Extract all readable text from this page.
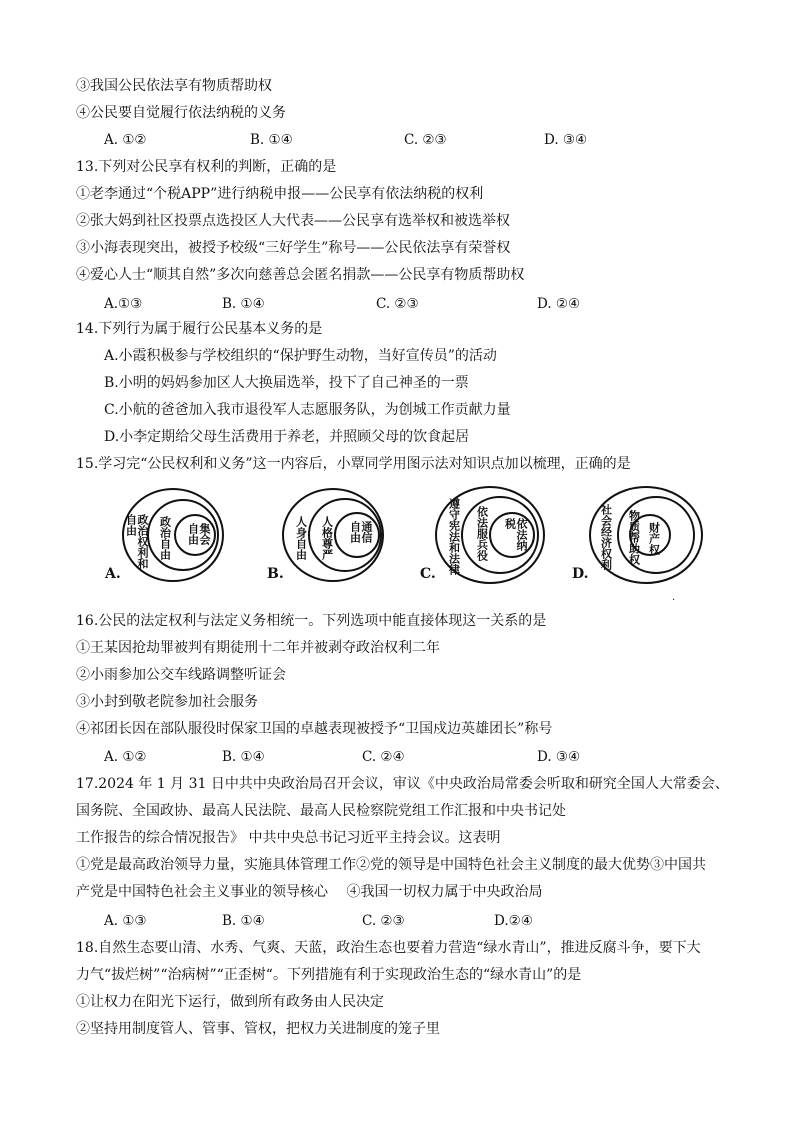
③我国公民依法享有物质帮助权
④公民要自觉履行依法纳税的义务
A. ①②	B. ①④	C. ②③	D. ③④
13.下列对公民享有权利的判断，正确的是
①老李通过“个税APP”进行纳税申报——公民享有依法纳税的权利
②张大妈到社区投票点选投区人大代表——公民享有选举权和被选举权
③小海表现突出，被授予校级“三好学生”称号——公民依法享有荣誉权
④爱心人士“顺其自然”多次向慈善总会匿名捐款——公民享有物质帮助权
A.①③	B. ①④	C. ②③	D. ②④
14.下列行为属于履行公民基本义务的是
A.小霞积极参与学校组织的“保护野生动物，当好宣传员”的活动
B.小明的妈妈参加区人大换届选举，投下了自己神圣的一票
C.小航的爸爸加入我市退役军人志愿服务队，为创城工作贡献力量
D.小李定期给父母生活费用于养老，并照顾父母的饮食起居
15.学习完“公民权利和义务”这一内容后，小覃同学用图示法对知识点加以梳理，正确的是
A.
政治权利和自由	政治自由	集会自由
B.
人身自由 人格尊严	通信自由
C. 遵守宪法和法律 依法服兵役	依法纳税
D.
社会经济权利 物质帮助权 财产权
.
16.公民的法定权利与法定义务相统一。下列选项中能直接体现这一关系的是
①王某因抢劫罪被判有期徒刑十二年并被剥夺政治权利二年
②小雨参加公交车线路调整听证会
③小封到敬老院参加社会服务
④祁团长因在部队服役时保家卫国的卓越表现被授予“卫国戍边英雄团长”称号
A. ①②	B. ①④	C. ②④	D. ③④
17.2024 年 1 月 31 日中共中央政治局召开会议，审议《中央政治局常委会听取和研究全国人大常委会、
国务院、全国政协、最高人民法院、最高人民检察院党组工作汇报和中央书记处
工作报告的综合情况报告》 中共中央总书记习近平主持会议。这表明
①党是最高政治领导力量，实施具体管理工作②党的领导是中国特色社会主义制度的最大优势③中国共
产党是中国特色社会主义事业的领导核心　 ④我国一切权力属于中央政治局
A. ①③	B. ①④	C. ②③	D.②④
18.自然生态要山清、水秀、气爽、天蓝，政治生态也要着力营造“绿水青山”，推进反腐斗争，要下大
力气“拔烂树”“治病树”“正歪树“。下列措施有利于实现政治生态的“绿水青山”的是
①让权力在阳光下运行，做到所有政务由人民决定
②坚持用制度管人、管事、管权，把权力关进制度的笼子里
